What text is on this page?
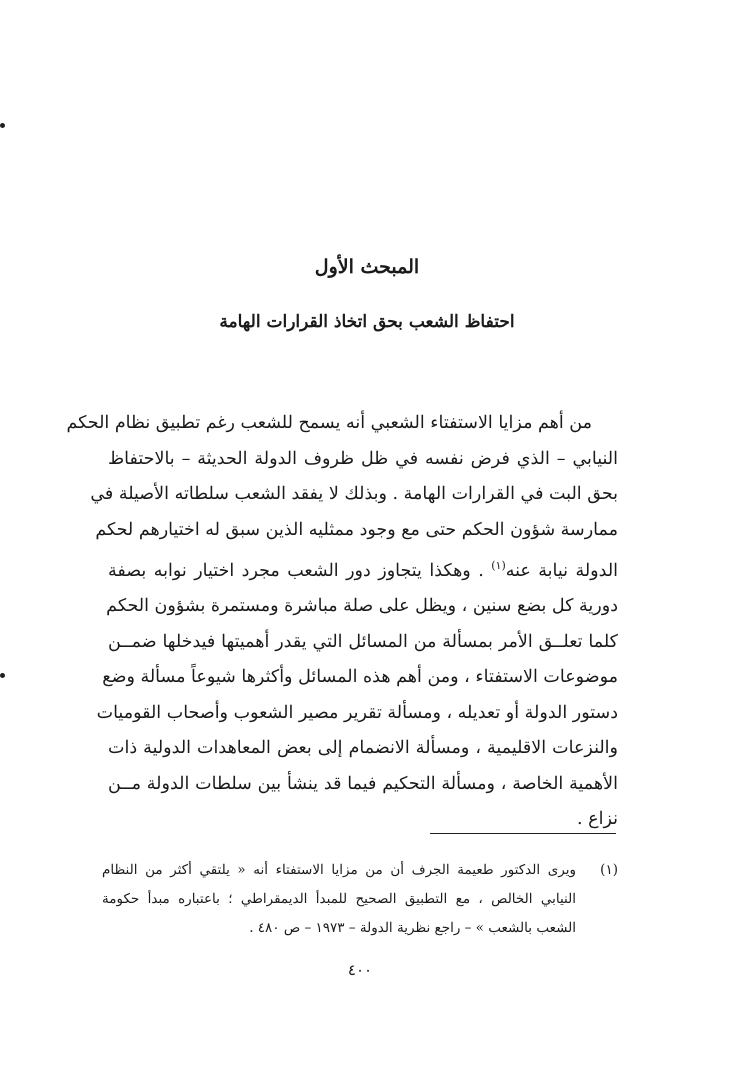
المبحث الأول
احتفاظ الشعب بحق اتخاذ القرارات الهامة

من أهم مزايا الاستفتاء الشعبي أنه يسمح للشعب رغم تطبيق نظام الحكم
النيابي – الذي فرض نفسه في ظل ظروف الدولة الحديثة – بالاحتفاظ
بحق البت في القرارات الهامة . وبذلك لا يفقد الشعب سلطاته الأصيلة في
ممارسة شؤون الحكم حتى مع وجود ممثليه الذين سبق له اختيارهم لحكم
الدولة نيابة عنه$^{(١)}$ . وهكذا يتجاوز دور الشعب مجرد اختيار نوابه بصفة
دورية كل بضع سنين ، ويظل على صلة مباشرة ومستمرة بشؤون الحكم
كلما تعلــق الأمر بمسألة من المسائل التي يقدر أهميتها فيدخلها ضمــن
موضوعات الاستفتاء ، ومن أهم هذه المسائل وأكثرها شيوعاً مسألة وضع
دستور الدولة أو تعديله ، ومسألة تقرير مصير الشعوب وأصحاب القوميات
والنزعات الاقليمية ، ومسألة الانضمام إلى بعض المعاهدات الدولية ذات
الأهمية الخاصة ، ومسألة التحكيم فيما قد ينشأ بين سلطات الدولة مــن
نزاع .

(١)
ويرى الدكتور طعيمة الجرف أن من مزايا الاستفتاء أنه « يلتقي أكثر من النظام
النيابي الخالص ، مع التطبيق الصحيح للمبدأ الديمقراطي ؛ باعتباره مبدأ حكومة
الشعب بالشعب » – راجع نظرية الدولة – ١٩٧٣ – ص ٤٨٠ .
٤٠٠
